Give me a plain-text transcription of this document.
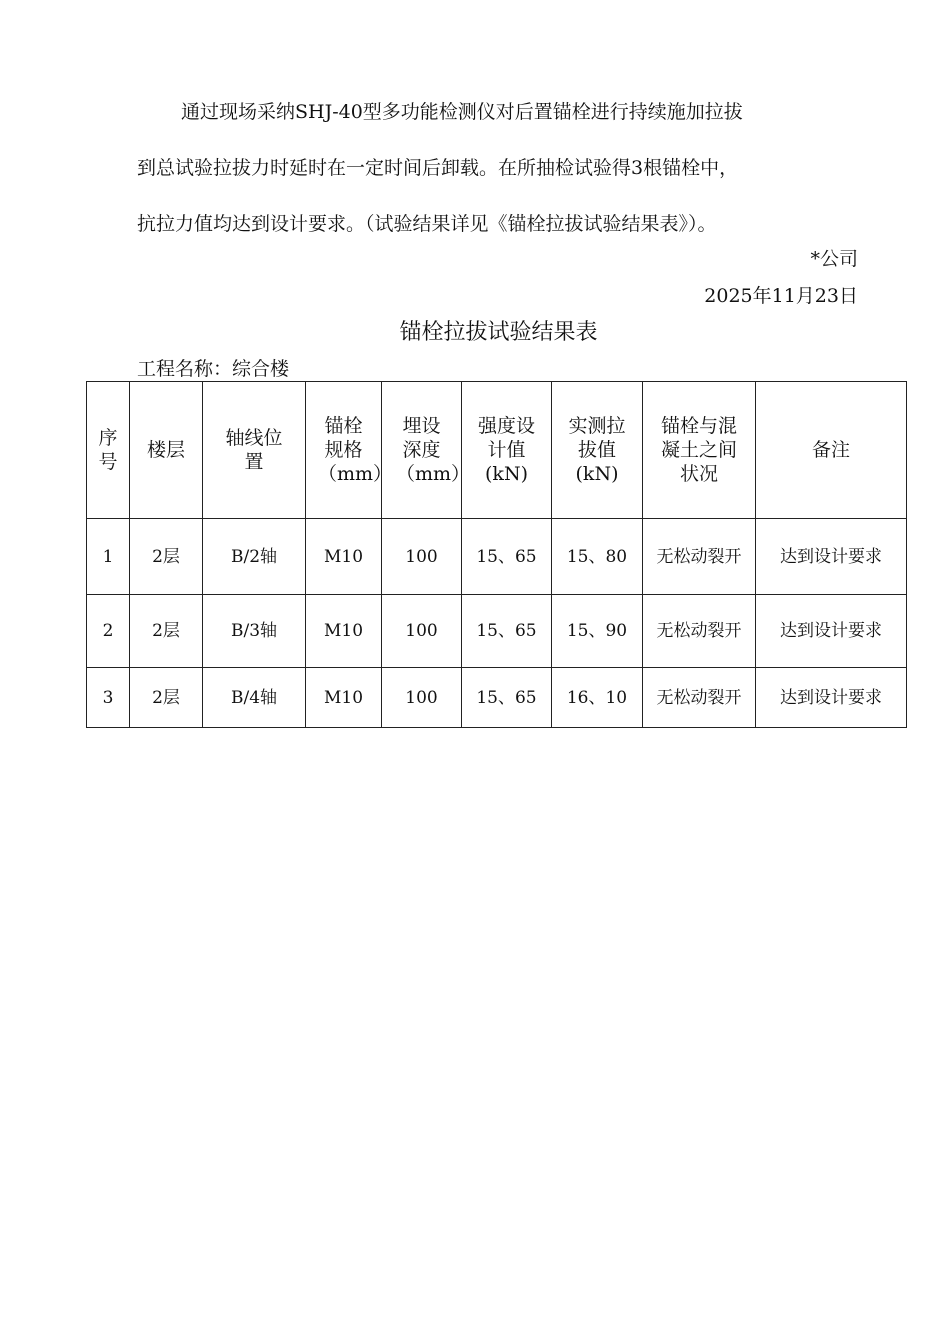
通过现场采纳SHJ-40型多功能检测仪对后置锚栓进行持续施加拉拔
到总试验拉拔力时延时在一定时间后卸载。在所抽检试验得3根锚栓中，
抗拉力值均达到设计要求。（试验结果详见《锚栓拉拔试验结果表》）。
*公司
2025年11月23日
锚栓拉拔试验结果表
工程名称：综合楼
序号	楼层	轴线位置	锚栓规格（mm）	埋设深度（mm）	强度设计值(kN)	实测拉拔值(kN)	锚栓与混凝土之间状况	备注
1	2层	B/2轴	M10	100	15、65	15、80	无松动裂开	达到设计要求
2	2层	B/3轴	M10	100	15、65	15、90	无松动裂开	达到设计要求
3	2层	B/4轴	M10	100	15、65	16、10	无松动裂开	达到设计要求
